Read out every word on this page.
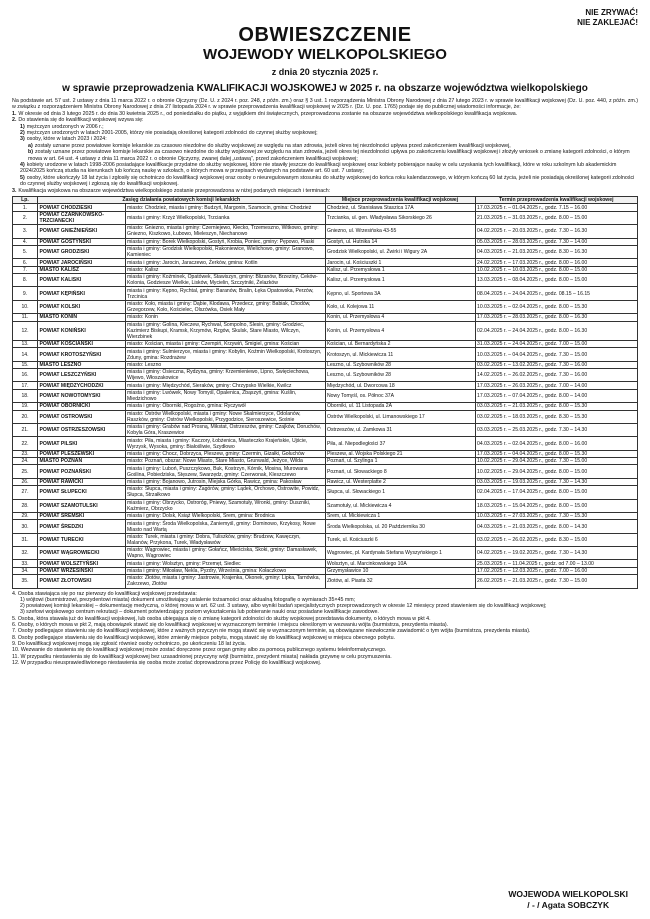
NIE ZRYWAĆ!
NIE ZAKLEJAĆ!
OBWIESZCZENIE
WOJEWODY WIELKOPOLSKIEGO
z dnia 20 stycznia 2025 r.
w sprawie przeprowadzenia KWALIFIKACJI WOJSKOWEJ w 2025 r. na obszarze województwa wielkopolskiego
Na podstawie art. 57 ust. 2 ustawy z dnia 11 marca 2022 r. o obronie Ojczyzny (Dz. U. z 2024 r. poz. 248, z późn. zm.) oraz § 3 ust. 1 rozporządzenia Ministra Obrony Narodowej z dnia 27 lutego 2023 r. w sprawie kwalifikacji wojskowej (Dz. U. poz. 440, z późn. zm.) w związku z rozporządzeniem Ministra Obrony Narodowej z dnia 27 listopada 2024 r. w sprawie przeprowadzenia kwalifikacji wojskowej w 2025 r. (Dz. U. poz. 1765) podaje się do publicznej wiadomości informacje, że:
1. W okresie od dnia 3 lutego 2025 r. do dnia 30 kwietnia 2025 r., od poniedziałku do piątku, z wyjątkiem dni świątecznych, przeprowadzona zostanie na obszarze województwa wielkopolskiego kwalifikacja wojskowa.
2. Do stawienia się do kwalifikacji wojskowej wzywa się:
1) mężczyzn urodzonych w 2006 r.;
2) mężczyzn urodzonych w latach 2001-2005, którzy nie posiadają określonej kategorii zdolności do czynnej służby wojskowej;
3) osoby, które w latach 2023 i 2024:
a) zostały uznane przez powiatowe komisje lekarskie za czasowo niezdolne do służby wojskowej ze względu na stan zdrowia, jeżeli okres tej niezdolności upływa przed zakończeniem kwalifikacji wojskowej,
b) zostały uznane przez powiatowe komisje lekarskie za czasowo niezdolne do służby wojskowej ze względu na stan zdrowia, jeżeli okres tej niezdolności upływa po zakończeniu kwalifikacji wojskowej i złożyły wniosek o zmianę kategorii zdolności, o którym mowa w art. 64 ust. 4 ustawy z dnia 11 marca 2022 r. o obronie Ojczyzny, zwanej dalej „ustawą”, przed zakończeniem kwalifikacji wojskowej;
4) kobiety urodzone w latach 1998-2006 posiadające kwalifikacje przydatne do służby wojskowej, które nie stawiły jeszcze do kwalifikacji wojskowej oraz kobiety pobierające naukę w celu uzyskania tych kwalifikacji, które w roku szkolnym lub akademickim 2024/2025 kończą studia na kierunkach lub kończą naukę w szkołach, o których mowa w przepisach wydanych na podstawie art. 60 ust. 7 ustawy;
5) osoby, które ukończyły 18 lat życia i zgłosiły się ochotniczo do kwalifikacji wojskowej oraz osoby o nieuregulowanym stosunku do służby wojskowej do końca roku kalendarzowego, w którym kończą 60 lat życia, jeżeli nie posiadają określonej kategorii zdolności do czynnej służby wojskowej i zgłoszą się do kwalifikacji wojskowej.
3. Kwalifikacja wojskowa na obszarze województwa wielkopolskiego zostanie przeprowadzona w niżej podanych miejscach i terminach:
Lp.	Zasięg działania powiatowych komisji lekarskich		Miejsce przeprowadzenia kwalifikacji wojskowej	Termin przeprowadzenia kwalifikacji wojskowej
1.	POWIAT CHODZIESKI	miasto: Chodzież, miasta i gminy: Budzyń, Margonin, Szamocin, gmina: Chodzież	Chodzież, ul. Stanisława Staszica 17A	17.03.2025 r. – 01.04.2025 r., godz. 7.15 – 16.00
2.	POWIAT CZARNKOWSKO-TRZCIANECKI	miasta i gminy: Krzyż Wielkopolski, Trzcianka	Trzcianka, ul. gen. Władysława Sikorskiego 26	21.03.2025 r. – 31.03.2025 r., godz. 8.00 – 15.00
3.	POWIAT GNIEŹNIEŃSKI	miasto: Gniezno, miasta i gminy: Czerniejewo, Kłecko, Trzemeszno, Witkowo, gminy: Gniezno, Kiszkowo, Łubowo, Mieleszyn, Niechanowo	Gniezno, ul. Wrzesińska 43-55	04.02.2025 r. – 20.03.2025 r., godz. 7.30 – 16.30
4.	POWIAT GOSTYŃSKI	miasta i gminy: Borek Wielkopolski, Gostyń, Krobia, Poniec, gminy: Pępowo, Piaski	Gostyń, ul. Hutnika 14	05.03.2025 r. – 28.03.2025 r., godz. 7.30 – 14.00
5.	POWIAT GRODZISKI	miasta i gminy: Grodzisk Wielkopolski, Rakoniewice, Wielichowo, gminy: Granowo, Kamieniec	Grodzisk Wielkopolski, ul. Żwirki i Wigury 2A	04.03.2025 r. – 21.03.2025 r., godz. 8.30 – 16.30
6.	POWIAT JAROCIŃSKI	miasta i gminy: Jarocin, Jaraczewo, Żerków, gmina: Kotlin	Jarocin, ul. Kościuszki 1	24.02.2025 r. – 17.03.2025 r., godz. 8.00 – 16.00
7.	MIASTO KALISZ	miasto: Kalisz	Kalisz, ul. Przemysłowa 1	10.02.2025 r. – 10.03.2025 r., godz. 8.00 – 15.00
8.	POWIAT KALISKI	miasta i gminy: Koźminek, Opatówek, Stawiszyn, gminy: Blizanów, Brzeziny, Ceków-Kolonia, Godziesze Wielkie, Lisków, Mycielin, Szczytniki, Żelazków	Kalisz, ul. Przemysłowa 1	13.03.2025 r. – 08.04.2025 r., godz. 8.00 – 15.00
9.	POWIAT KĘPIŃSKI	miasta i gminy: Kępno, Rychtal, gminy: Baranów, Bralin, Łęka Opatowska, Perzów, Trzcinica	Kępno, ul. Sportowa 3A	08.04.2025 r. – 24.04.2025 r., godz. 08.15 – 16.15
10.	POWIAT KOLSKI	miasto: Koło, miasta i gminy: Dąbie, Kłodawa, Przedecz, gminy: Babiak, Chodów, Grzegorzew, Koło, Kościelec, Olszówka, Osiek Mały	Koło, ul. Kolejowa 11	10.03.2025 r. – 02.04.2025 r., godz. 8.00 – 15.30
11.	MIASTO KONIN	miasto: Konin	Konin, ul. Przemysłowa 4	17.03.2025 r. – 28.03.2025 r., godz. 8.00 – 16.30
12.	POWIAT KONIŃSKI	miasta i gminy: Golina, Kleczew, Rychwał, Sompolno, Ślesin, gminy: Grodziec, Kazimierz Biskupi, Kramsk, Krzymów, Rzgów, Skulsk, Stare Miasto, Wilczyn, Wierzbinek	Konin, ul. Przemysłowa 4	02.04.2025 r. – 24.04.2025 r., godz. 8.00 – 16.30
13.	POWIAT KOŚCIAŃSKI	miasto: Kościan, miasta i gminy: Czempiń, Krzywiń, Śmigiel, gmina: Kościan	Kościan, ul. Bernardyńska 2	31.03.2025 r. – 24.04.2025 r., godz. 7.00 – 15.00
14.	POWIAT KROTOSZYŃSKI	miasta i gminy: Sulmierzyce, miasta i gminy: Kobylin, Koźmin Wielkopolski, Krotoszyn, Zduny, gmina: Rozdrażew	Krotoszyn, ul. Mickiewicza 11	10.03.2025 r. – 04.04.2025 r., godz. 7.30 – 15.00
15.	MIASTO LESZNO	miasto: Leszno	Leszno, ul. Szybowników 28	03.02.2025 r. – 13.02.2025 r., godz. 7.30 – 16.00
16.	POWIAT LESZCZYŃSKI	miasta i gminy: Osieczna, Rydzyna, gminy: Krzemieniewo, Lipno, Święciechowa, Wijewo, Włoszakowice	Leszno, ul. Szybowników 28	14.02.2025 r. – 26.02.2025 r., godz. 7.30 – 16.00
17.	POWIAT MIĘDZYCHODZKI	miasta i gminy: Międzychód, Sieraków, gminy: Chrzypsko Wielkie, Kwilcz	Międzychód, ul. Dworcowa 18	17.03.2025 r. – 26.03.2025 r., godz. 7.00 – 14.00
18.	POWIAT NOWOTOMYSKI	miasta i gminy: Lwówek, Nowy Tomyśl, Opalenica, Zbąszyń, gmina: Kuślin, Miedzichowo	Nowy Tomyśl, os. Północ 37A	17.03.2025 r. – 07.04.2025 r., godz. 8.00 – 14.00
19.	POWIAT OBORNICKI	miasta i gminy: Oborniki, Rogoźno, gmina: Ryczywół	Oborniki, ul. 11 Listopada 2A	03.03.2025 r. – 21.03.2025 r., godz. 8.00 – 15.30
20.	POWIAT OSTROWSKI	miasto: Ostrów Wielkopolski, miasta i gminy: Nowe Skalmierzyce, Odolanów, Raszków, gminy: Ostrów Wielkopolski, Przygodzice, Sieroszewice, Sośnie	Ostrów Wielkopolski, ul. Limanowskiego 17	03.02.2025 r. – 18.03.2025 r., godz. 8.30 – 15.30
21.	POWIAT OSTRZESZOWSKI	miasta i gminy: Grabów nad Prosną, Mikstat, Ostrzeszów, gminy: Czajków, Doruchów, Kobyla Góra, Kraszewice	Ostrzeszów, ul. Zamkowa 31	03.03.2025 r. – 25.03.2025 r., godz. 7.30 – 14.30
22.	POWIAT PILSKI	miasto: Piła, miasta i gminy: Kaczory, Łobżenica, Miasteczko Krajeńskie, Ujście, Wyrzysk, Wysoka, gminy: Białośliwie, Szydłowo	Piła, al. Niepodległości 37	04.03.2025 r. – 02.04.2025 r., godz. 8.00 – 16.00
23.	POWIAT PLESZEWSKI	miasta i gminy: Chocz, Dobrzyca, Pleszew, gminy: Czermin, Gizałki, Gołuchów	Pleszew, al. Wojska Polskiego 21	17.03.2025 r. – 04.04.2025 r., godz. 8.00 – 15.30
24.	MIASTO POZNAŃ	miasto: Poznań, obszar: Nowe Miasto, Stare Miasto, Grunwald, Jeżyce, Wilda	Poznań, ul. Szylinga 1	10.02.2025 r. – 29.04.2025 r., godz. 7.30 – 15.00
25.	POWIAT POZNAŃSKI	miasta i gminy: Luboń, Puszczykowo, Buk, Kostrzyn, Kórnik, Mosina, Murowana Goślina, Pobiedziska, Stęszew, Swarzędz, gminy: Czerwonak, Kleszczewo	Poznań, ul. Słowackiego 8	10.02.2025 r. – 29.04.2025 r., godz. 8.00 – 15.00
26.	POWIAT RAWICKI	miasta i gminy: Bojanowo, Jutrosin, Miejska Górka, Rawicz, gmina: Pakosław	Rawicz, ul. Westerplatte 2	03.03.2025 r. – 19.03.2025 r., godz. 7.30 – 14.30
27.	POWIAT SŁUPECKI	miasto: Słupca, miasta i gminy: Zagórów, gminy: Lądek, Orchowo, Ostrowite, Powidz, Słupca, Strzałkowo	Słupca, ul. Słowackiego 1	02.04.2025 r. – 17.04.2025 r., godz. 8.00 – 15.00
28.	POWIAT SZAMOTULSKI	miasta i gminy: Obrzycko, Ostroróg, Pniewy, Szamotuły, Wronki, gminy: Duszniki, Kaźmierz, Obrzycko	Szamotuły, ul. Mickiewicza 4	18.03.2025 r. – 15.04.2025 r., godz. 8.00 – 15.00
29.	POWIAT ŚREMSKI	miasta i gminy: Dolsk, Książ Wielkopolski, Śrem, gmina: Brodnica	Śrem, ul. Mickiewicza 1	10.03.2025 r. – 27.03.2025 r., godz. 7.30 – 15.30
30.	POWIAT ŚREDZKI	miasta i gminy: Środa Wielkopolska, Zaniemyśl, gminy: Dominowo, Krzykosy, Nowe Miasto nad Wartą	Środa Wielkopolska, ul. 20 Października 30	04.03.2025 r. – 21.03.2025 r., godz. 8.00 – 14.30
31.	POWIAT TURECKI	miasto: Turek, miasta i gminy: Dobra, Tuliszków, gminy: Brudzew, Kawęczyn, Malanów, Przykona, Turek, Władysławów	Turek, ul. Kościuszki 6	03.02.2025 r. – 26.02.2025 r., godz. 8.30 – 15.00
32.	POWIAT WĄGROWIECKI	miasto: Wągrowiec, miasta i gminy: Gołańcz, Mieściska, Skoki, gminy: Damasławek, Wapno, Wągrowiec	Wągrowiec, pl. Kardynała Stefana Wyszyńskiego 1	04.02.2025 r. – 19.02.2025 r., godz. 7.30 – 14.30
33.	POWIAT WOLSZTYŃSKI	miasta i gminy: Wolsztyn, gminy: Przemęt, Siedlec	Wolsztyn, ul. Marcinkowskiego 10A	25.03.2025 r. – 11.04.2025 r., godz. od 7.00 – 13.00
34.	POWIAT WRZESIŃSKI	miasta i gminy: Miłosław, Nekla, Pyzdry, Września, gmina: Kołaczkowo	Grzymysławice 10	17.02.2025 r. – 12.03.2025 r., godz. 7.00 – 16.00
35.	POWIAT ZŁOTOWSKI	miasto: Złotów, miasta i gminy: Jastrowie, Krajenka, Okonek, gminy: Lipka, Tarnówka, Zakrzewo, Złotów	Złotów, al. Piasta 32	26.02.2025 r. – 21.03.2025 r., godz. 7.30 – 15.00
4. Osoba stawiająca się po raz pierwszy do kwalifikacji wojskowej przedstawia:
1) wójtowi (burmistrzowi, prezydentowi miasta) dokument umożliwiający ustalenie tożsamości oraz aktualną fotografię o wymiarach 35×45 mm;
2) powiatowej komisji lekarskiej – dokumentację medyczną, o której mowa w art. 62 ust. 3 ustawy, albo wyniki badań specjalistycznych przeprowadzonych w okresie 12 miesięcy przed stawieniem się do kwalifikacji wojskowej;
3) szefowi wojskowego centrum rekrutacji – dokument potwierdzający poziom wykształcenia lub pobieranie nauki oraz posiadane kwalifikacje zawodowe.
5. Osoba, która stawała już do kwalifikacji wojskowej, lub osoba ubiegająca się o zmianę kategorii zdolności do służby wojskowej przedstawia dokumenty, o których mowa w pkt 4.
6. Osoby, o których mowa w pkt 2, mają obowiązek stawić się do kwalifikacji wojskowej w wyznaczonym terminie i miejscu określonym w wezwaniu wójta (burmistrza, prezydenta miasta).
7. Osoby podlegające stawieniu się do kwalifikacji wojskowej, które z ważnych przyczyn nie mogą stawić się w wyznaczonym terminie, są obowiązane niezwłocznie zawiadomić o tym wójta (burmistrza, prezydenta miasta).
8. Osoby podlegające stawieniu się do kwalifikacji wojskowej, które zmieniły miejsce pobytu, mogą stawić się do kwalifikacji wojskowej w miejscu obecnego pobytu.
9. Do kwalifikacji wojskowej mogą się zgłosić również osoby ochotniczo, po ukończeniu 18 lat życia.
10. Wezwanie do stawienia się do kwalifikacji wojskowej może zostać doręczone przez organ gminy albo za pomocą publicznego systemu teleinformatycznego.
11. W przypadku niestawienia się do kwalifikacji wojskowej bez uzasadnionej przyczyny wójt (burmistrz, prezydent miasta) nakłada grzywnę w celu przymuszenia.
12. W przypadku nieusprawiedliwionego niestawienia się osoba może zostać doprowadzona przez Policję do kwalifikacji wojskowej.
WOJEWODA WIELKOPOLSKI
/ - / Agata SOBCZYK
